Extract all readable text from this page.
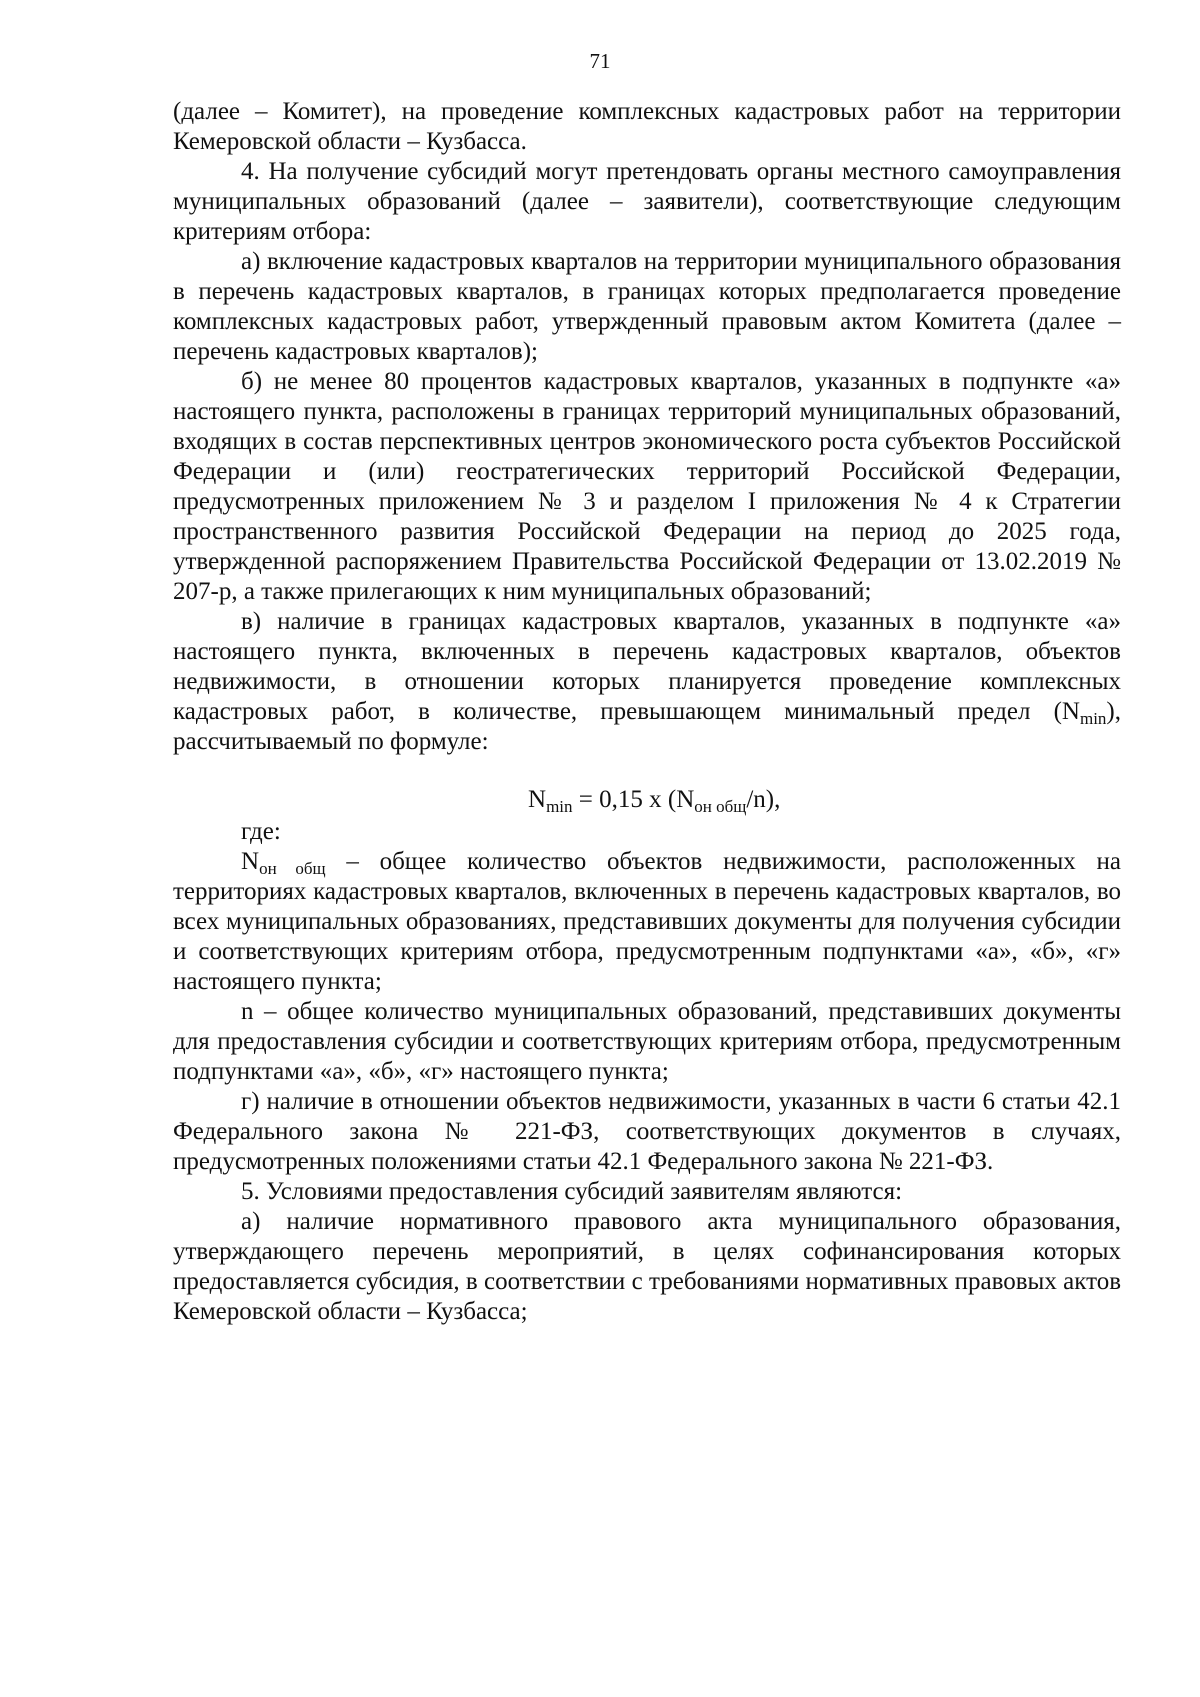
71

(далее – Комитет), на проведение комплексных кадастровых работ на территории Кемеровской области – Кузбасса.

4. На получение субсидий могут претендовать органы местного самоуправления муниципальных образований (далее – заявители), соответствующие следующим критериям отбора:

а) включение кадастровых кварталов на территории муниципального образования в перечень кадастровых кварталов, в границах которых предполагается проведение комплексных кадастровых работ, утвержденный правовым актом Комитета (далее – перечень кадастровых кварталов);

б) не менее 80 процентов кадастровых кварталов, указанных в подпункте «а» настоящего пункта, расположены в границах территорий муниципальных образований, входящих в состав перспективных центров экономического роста субъектов Российской Федерации и (или) геостратегических территорий Российской Федерации, предусмотренных приложением № 3 и разделом I приложения № 4 к Стратегии пространственного развития Российской Федерации на период до 2025 года, утвержденной распоряжением Правительства Российской Федерации от 13.02.2019 № 207-р, а также прилегающих к ним муниципальных образований;

в) наличие в границах кадастровых кварталов, указанных в подпункте «а» настоящего пункта, включенных в перечень кадастровых кварталов, объектов недвижимости, в отношении которых планируется проведение комплексных кадастровых работ, в количестве, превышающем минимальный предел $(N_{min})$, рассчитываемый по формуле:

$N_{min} = 0,15$ x $(N_{он общ}/n)$,

где:

$N_{он общ}$ – общее количество объектов недвижимости, расположенных на территориях кадастровых кварталов, включенных в перечень кадастровых кварталов, во всех муниципальных образованиях, представивших документы для получения субсидии и соответствующих критериям отбора, предусмотренным подпунктами «а», «б», «г» настоящего пункта;

n – общее количество муниципальных образований, представивших документы для предоставления субсидии и соответствующих критериям отбора, предусмотренным подпунктами «а», «б», «г» настоящего пункта;

г) наличие в отношении объектов недвижимости, указанных в части 6 статьи 42.1 Федерального закона № 221-ФЗ, соответствующих документов в случаях, предусмотренных положениями статьи 42.1 Федерального закона № 221-ФЗ.

5. Условиями предоставления субсидий заявителям являются:

а) наличие нормативного правового акта муниципального образования, утверждающего перечень мероприятий, в целях софинансирования которых предоставляется субсидия, в соответствии с требованиями нормативных правовых актов Кемеровской области – Кузбасса;
